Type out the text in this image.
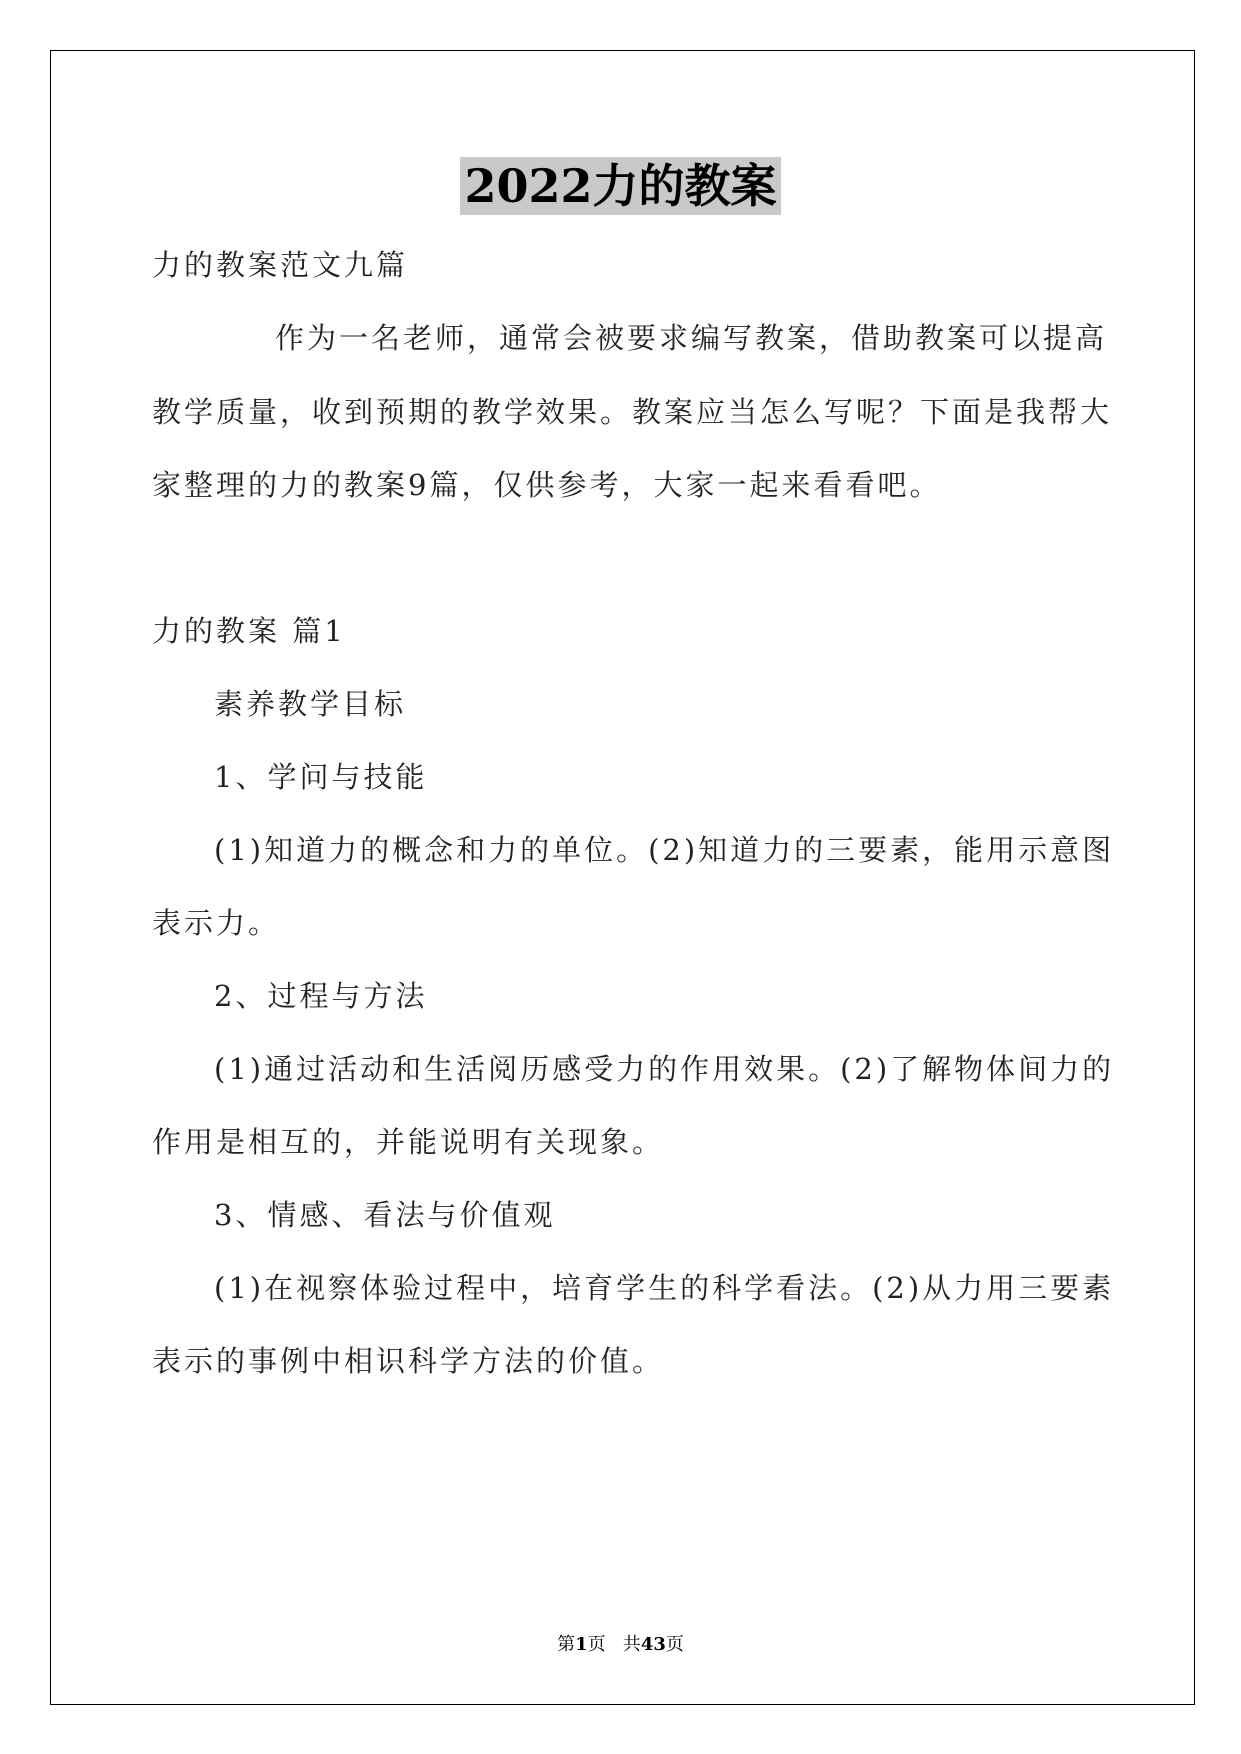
2022力的教案
力的教案范文九篇
作为一名老师，通常会被要求编写教案，借助教案可以提高
教学质量，收到预期的教学效果。教案应当怎么写呢？下面是我帮大
家整理的力的教案9篇，仅供参考，大家一起来看看吧。
力的教案 篇1
素养教学目标
1、学问与技能
(1)知道力的概念和力的单位。(2)知道力的三要素，能用示意图
表示力。
2、过程与方法
(1)通过活动和生活阅历感受力的作用效果。(2)了解物体间力的
作用是相互的，并能说明有关现象。
3、情感、看法与价值观
(1)在视察体验过程中，培育学生的科学看法。(2)从力用三要素
表示的事例中相识科学方法的价值。
第1页 共43页
